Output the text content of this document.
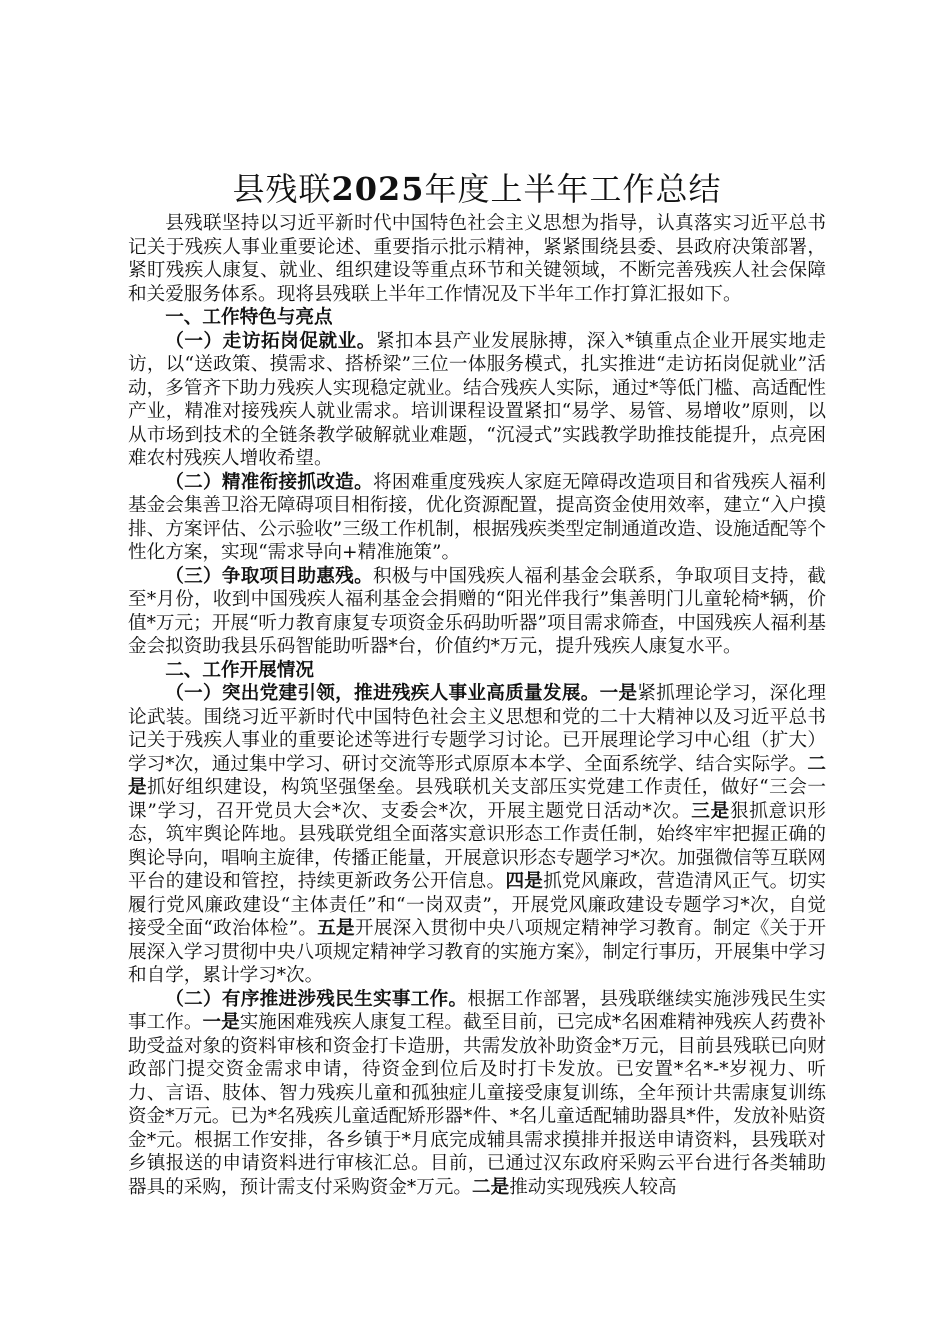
县残联2025年度上半年工作总结

县残联坚持以习近平新时代中国特色社会主义思想为指导，认真落实习近平总书记关于残疾人事业重要论述、重要指示批示精神，紧紧围绕县委、县政府决策部署，紧盯残疾人康复、就业、组织建设等重点环节和关键领域，不断完善残疾人社会保障和关爱服务体系。现将县残联上半年工作情况及下半年工作打算汇报如下。

一、工作特色与亮点

（一）走访拓岗促就业。紧扣本县产业发展脉搏，深入*镇重点企业开展实地走访，以“送政策、摸需求、搭桥梁”三位一体服务模式，扎实推进“走访拓岗促就业”活动，多管齐下助力残疾人实现稳定就业。结合残疾人实际，通过*等低门槛、高适配性产业，精准对接残疾人就业需求。培训课程设置紧扣“易学、易管、易增收”原则，以从市场到技术的全链条教学破解就业难题，“沉浸式”实践教学助推技能提升，点亮困难农村残疾人增收希望。

（二）精准衔接抓改造。将困难重度残疾人家庭无障碍改造项目和省残疾人福利基金会集善卫浴无障碍项目相衔接，优化资源配置，提高资金使用效率，建立“入户摸排、方案评估、公示验收”三级工作机制，根据残疾类型定制通道改造、设施适配等个性化方案，实现“需求导向+精准施策”。

（三）争取项目助惠残。积极与中国残疾人福利基金会联系，争取项目支持，截至*月份，收到中国残疾人福利基金会捐赠的“阳光伴我行”集善明门儿童轮椅*辆，价值*万元；开展“听力教育康复专项资金乐码助听器”项目需求筛查，中国残疾人福利基金会拟资助我县乐码智能助听器*台，价值约*万元，提升残疾人康复水平。

二、工作开展情况

（一）突出党建引领，推进残疾人事业高质量发展。一是紧抓理论学习，深化理论武装。围绕习近平新时代中国特色社会主义思想和党的二十大精神以及习近平总书记关于残疾人事业的重要论述等进行专题学习讨论。已开展理论学习中心组（扩大）学习*次，通过集中学习、研讨交流等形式原原本本学、全面系统学、结合实际学。二是抓好组织建设，构筑坚强堡垒。县残联机关支部压实党建工作责任，做好“三会一课”学习，召开党员大会*次、支委会*次，开展主题党日活动*次。三是狠抓意识形态，筑牢舆论阵地。县残联党组全面落实意识形态工作责任制，始终牢牢把握正确的舆论导向，唱响主旋律，传播正能量，开展意识形态专题学习*次。加强微信等互联网平台的建设和管控，持续更新政务公开信息。四是抓党风廉政，营造清风正气。切实履行党风廉政建设“主体责任”和“一岗双责”，开展党风廉政建设专题学习*次，自觉接受全面“政治体检”。五是开展深入贯彻中央八项规定精神学习教育。制定《关于开展深入学习贯彻中央八项规定精神学习教育的实施方案》，制定行事历，开展集中学习和自学，累计学习*次。

（二）有序推进涉残民生实事工作。根据工作部署，县残联继续实施涉残民生实事工作。一是实施困难残疾人康复工程。截至目前，已完成*名困难精神残疾人药费补助受益对象的资料审核和资金打卡造册，共需发放补助资金*万元，目前县残联已向财政部门提交资金需求申请，待资金到位后及时打卡发放。已安置*名*-*岁视力、听力、言语、肢体、智力残疾儿童和孤独症儿童接受康复训练，全年预计共需康复训练资金*万元。已为*名残疾儿童适配矫形器*件、*名儿童适配辅助器具*件，发放补贴资金*元。根据工作安排，各乡镇于*月底完成辅具需求摸排并报送申请资料，县残联对乡镇报送的申请资料进行审核汇总。目前，已通过汉东政府采购云平台进行各类辅助器具的采购，预计需支付采购资金*万元。二是推动实现残疾人较高
